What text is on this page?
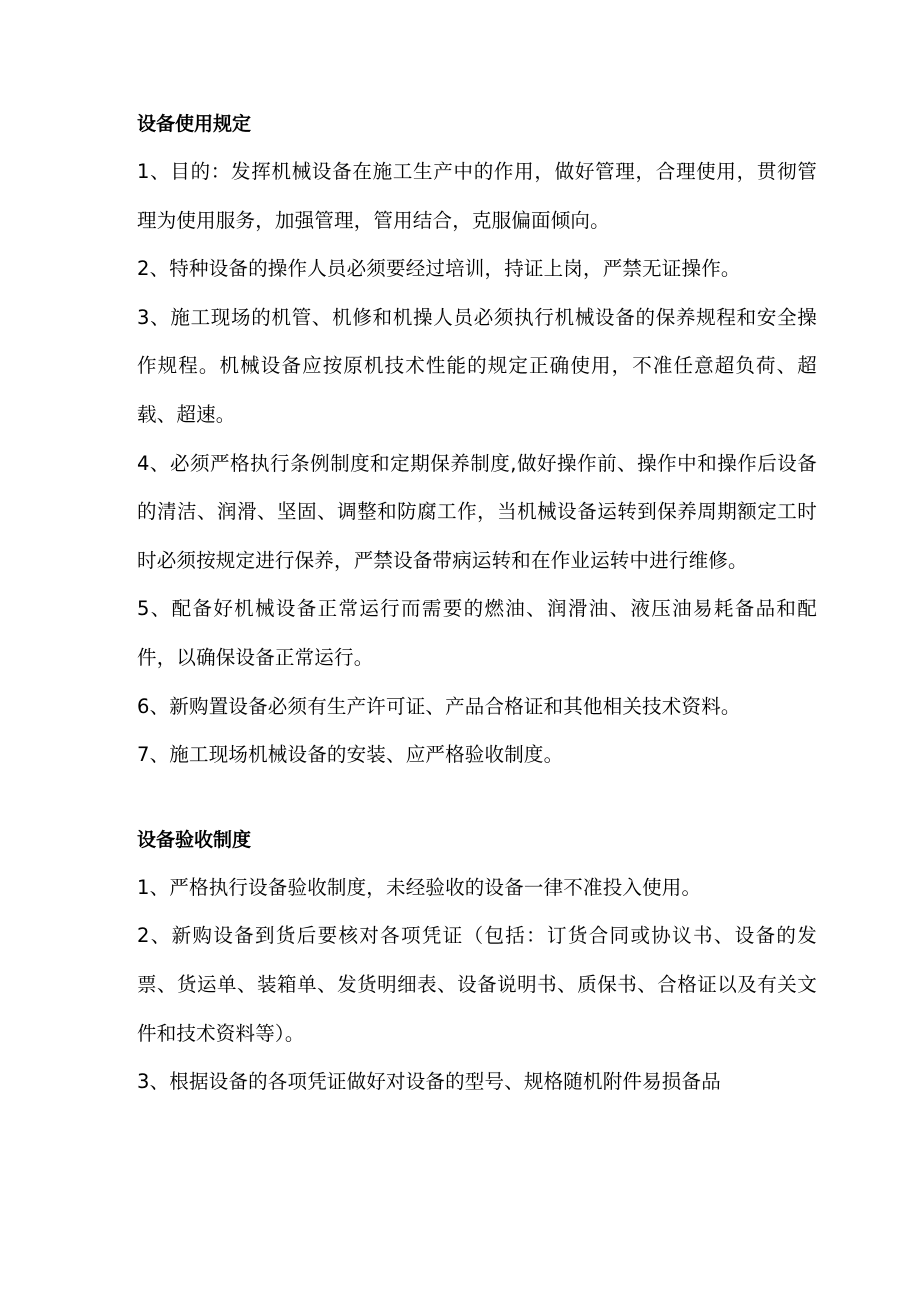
设备使用规定

1、目的：发挥机械设备在施工生产中的作用，做好管理，合理使用，贯彻管理为使用服务，加强管理，管用结合，克服偏面倾向。

2、特种设备的操作人员必须要经过培训，持证上岗，严禁无证操作。

3、施工现场的机管、机修和机操人员必须执行机械设备的保养规程和安全操作规程。机械设备应按原机技术性能的规定正确使用，不准任意超负荷、超载、超速。

4、必须严格执行条例制度和定期保养制度,做好操作前、操作中和操作后设备的清洁、润滑、坚固、调整和防腐工作，当机械设备运转到保养周期额定工时时必须按规定进行保养，严禁设备带病运转和在作业运转中进行维修。

5、配备好机械设备正常运行而需要的燃油、润滑油、液压油易耗备品和配件，以确保设备正常运行。

6、新购置设备必须有生产许可证、产品合格证和其他相关技术资料。

7、施工现场机械设备的安装、应严格验收制度。

设备验收制度

1、严格执行设备验收制度，未经验收的设备一律不准投入使用。

2、新购设备到货后要核对各项凭证（包括：订货合同或协议书、设备的发票、货运单、装箱单、发货明细表、设备说明书、质保书、合格证以及有关文件和技术资料等）。

3、根据设备的各项凭证做好对设备的型号、规格随机附件易损备品
